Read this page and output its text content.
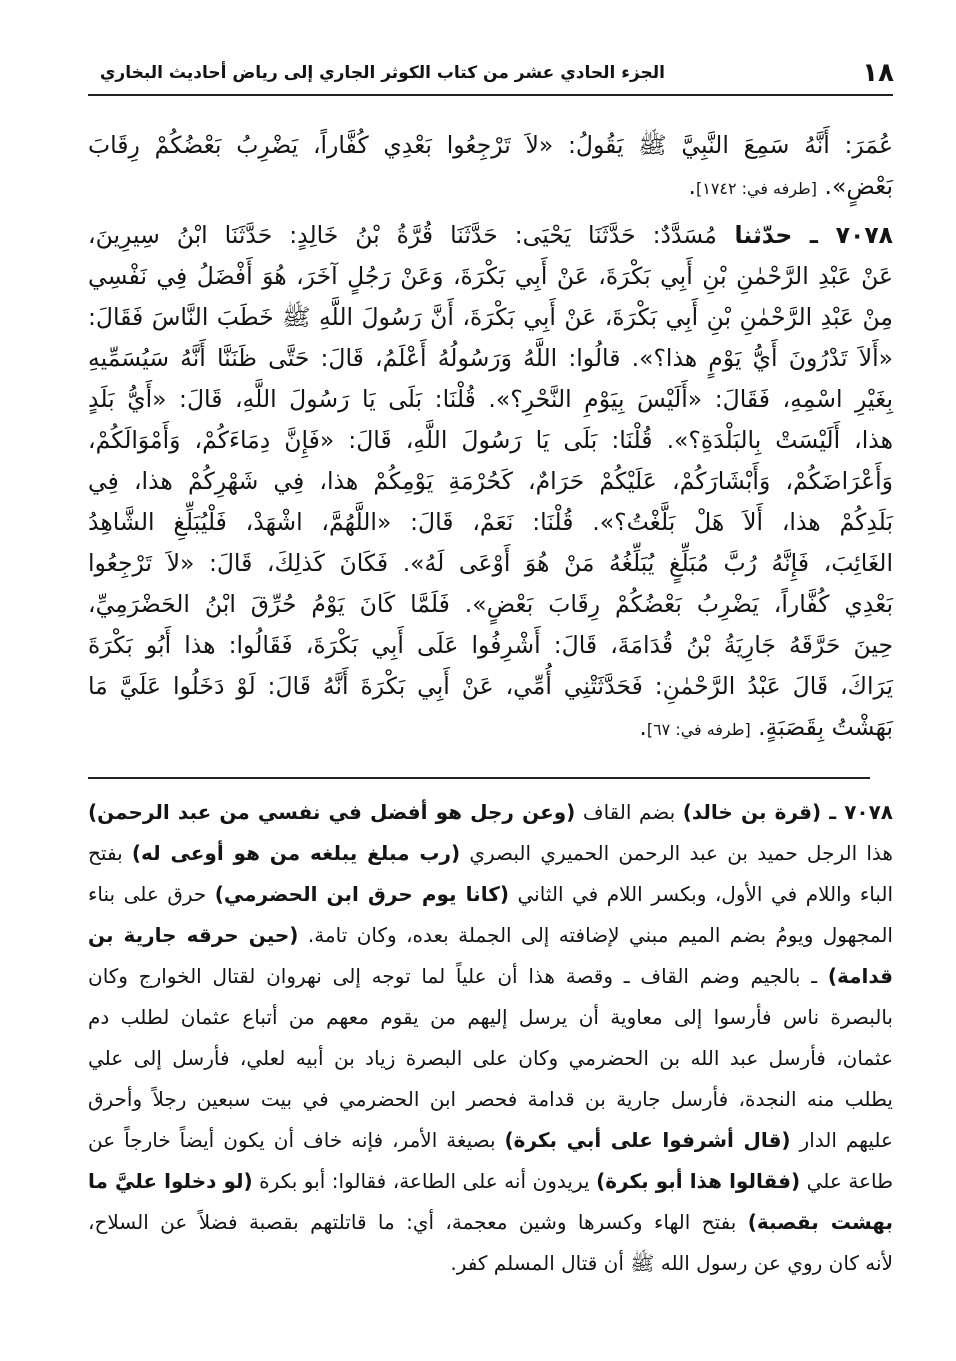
١٨
الجزء الحادي عشر من كتاب الكوثر الجاري إلى رياض أحاديث البخاري
عُمَرَ: أَنَّهُ سَمِعَ النَّبِيَّ ﷺ يَقُولُ: «لاَ تَرْجِعُوا بَعْدِي كُفَّاراً، يَضْرِبُ بَعْضُكُمْ رِقَابَ
بَعْضٍ». [طرفه في: ١٧٤٢].
٧٠٧٨ ـ حدّثنا مُسَدَّدٌ: حَدَّثَنَا يَحْيَى: حَدَّثَنَا قُرَّةُ بْنُ خَالِدٍ: حَدَّثَنَا ابْنُ سِيرِينَ،
عَنْ عَبْدِ الرَّحْمٰنِ بْنِ أَبِي بَكْرَةَ، عَنْ أَبِي بَكْرَةَ، وَعَنْ رَجُلٍ آخَرَ، هُوَ أَفْضَلُ فِي نَفْسِي
مِنْ عَبْدِ الرَّحْمٰنِ بْنِ أَبِي بَكْرَةَ، عَنْ أَبِي بَكْرَةَ، أَنَّ رَسُولَ اللَّهِ ﷺ خَطَبَ النَّاسَ فَقَالَ:
«أَلاَ تَدْرُونَ أَيُّ يَوْمٍ هذا؟». قالُوا: اللَّهُ وَرَسُولُهُ أَعْلَمُ، قَالَ: حَتَّى ظَنَنَّا أَنَّهُ سَيُسَمِّيهِ
بِغَيْرِ اسْمِهِ، فَقَالَ: «أَلَيْسَ بِيَوْمِ النَّحْرِ؟». قُلْنَا: بَلَى يَا رَسُولَ اللَّهِ، قَالَ: «أَيُّ بَلَدٍ
هذا، أَلَيْسَتْ بِالبَلْدَةِ؟». قُلْنَا: بَلَى يَا رَسُولَ اللَّهِ، قَالَ: «فَإِنَّ دِمَاءَكُمْ، وَأَمْوَالَكُمْ،
وَأَعْرَاضَكُمْ، وَأَبْشَارَكُمْ، عَلَيْكُمْ حَرَامٌ، كَحُرْمَةِ يَوْمِكُمْ هذا، فِي شَهْرِكُمْ هذا، فِي
بَلَدِكُمْ هذا، أَلاَ هَلْ بَلَّغْتُ؟». قُلْنَا: نَعَمْ، قَالَ: «اللَّهُمَّ، اشْهَدْ، فَلْيُبَلِّغِ الشَّاهِدُ
الغَائِبَ، فَإِنَّهُ رُبَّ مُبَلِّغٍ يُبَلِّغُهُ مَنْ هُوَ أَوْعَى لَهُ». فَكَانَ كَذلِكَ، قَالَ: «لاَ تَرْجِعُوا
بَعْدِي كُفَّاراً، يَضْرِبُ بَعْضُكُمْ رِقَابَ بَعْضٍ». فَلَمَّا كَانَ يَوْمُ حُرِّقَ ابْنُ الحَضْرَمِيِّ،
حِينَ حَرَّقَهُ جَارِيَةُ بْنُ قُدَامَةَ، قَالَ: أَشْرِفُوا عَلَى أَبِي بَكْرَةَ، فَقَالُوا: هذا أَبُو بَكْرَةَ
يَرَاكَ، قَالَ عَبْدُ الرَّحْمٰنِ: فَحَدَّثَتْنِي أُمِّي، عَنْ أَبِي بَكْرَةَ أَنَّهُ قَالَ: لَوْ دَخَلُوا عَلَيَّ مَا
بَهَشْتُ بِقَصَبَةٍ. [طرفه في: ٦٧].
٧٠٧٨ ـ (قرة بن خالد) بضم القاف (وعن رجل هو أفضل في نفسي من عبد الرحمن)
هذا الرجل حميد بن عبد الرحمن الحميري البصري (رب مبلغ يبلغه من هو أوعى له) بفتح
الباء واللام في الأول، وبكسر اللام في الثاني (كانا يوم حرق ابن الحضرمي) حرق على بناء
المجهول ويومُ بضم الميم مبني لإضافته إلى الجملة بعده، وكان تامة. (حين حرقه جارية بن
قدامة) ـ بالجيم وضم القاف ـ وقصة هذا أن علياً لما توجه إلى نهروان لقتال الخوارج وكان
بالبصرة ناس فأرسوا إلى معاوية أن يرسل إليهم من يقوم معهم من أتباع عثمان لطلب دم
عثمان، فأرسل عبد الله بن الحضرمي وكان على البصرة زياد بن أبيه لعلي، فأرسل إلى علي
يطلب منه النجدة، فأرسل جارية بن قدامة فحصر ابن الحضرمي في بيت سبعين رجلاً وأحرق
عليهم الدار (قال أشرفوا على أبي بكرة) بصيغة الأمر، فإنه خاف أن يكون أيضاً خارجاً عن
طاعة علي (فقالوا هذا أبو بكرة) يريدون أنه على الطاعة، فقالوا: أبو بكرة (لو دخلوا عليَّ ما
بهشت بقصبة) بفتح الهاء وكسرها وشين معجمة، أي: ما قاتلتهم بقصبة فضلاً عن السلاح،
لأنه كان روي عن رسول الله ﷺ أن قتال المسلم كفر.
